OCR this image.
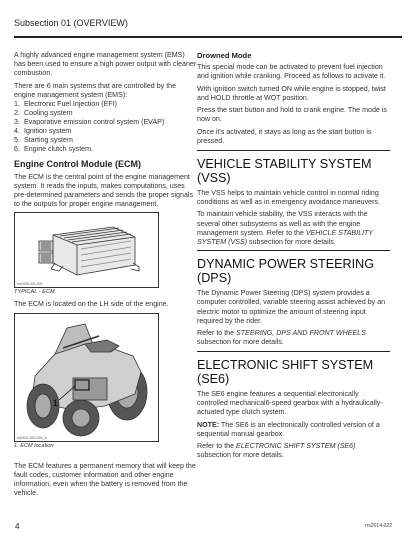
Subsection 01 (OVERVIEW)

A highly advanced engine management system (EMS) has been used to ensure a high power output with cleaner combustion.

There are 6 main systems that are controlled by the engine management system (EMS):

1. Electronic Fuel Injection (EFI)
2. Cooling system
3. Evaporative emission control system (EVAP)
4. Ignition system
5. Starting system
6. Engine clutch system.
Engine Control Module (ECM)

The ECM is the central point of the engine management system. It reads the inputs, makes computations, uses pre-determined parameters and sends the proper signals to the outputs for proper engine management.

rrs2009-021-001
TYPICAL - ECM

The ECM is located on the LH side of the engine.

1
rrs2011-002-001_a
1. ECM location

The ECM features a permanent memory that will keep the fault codes, customer information and other engine information, even when the battery is removed from the vehicle.

Drowned Mode

This special mode can be activated to prevent fuel injection and ignition while cranking. Proceed as follows to activate it.

With ignition switch turned ON while engine is stopped, twist and HOLD throttle at WOT position.

Press the start button and hold to crank engine. The mode is now on.

Once it's activated, it stays as long as the start button is pressed.

VEHICLE STABILITY SYSTEM (VSS)

The VSS helps to maintain vehicle control in normal riding conditions as well as in emergency avoidance maneuvers.

To maintain vehicle stability, the VSS interacts with the several other subsystems as well as with the engine management system. Refer to the VEHICLE STABILITY SYSTEM (VSS) subsection for more details.

DYNAMIC POWER STEERING (DPS)

The Dynamic Power Steering (DPS) system provides a computer controlled, variable steering assist achieved by an electric motor to optimize the amount of steering input required by the rider.

Refer to the STEERING, DPS AND FRONT WHEELS subsection for more details.

ELECTRONIC SHIFT SYSTEM (SE6)

The SE6 engine features a sequential electronically controlled mechanical6-speed gearbox with a hydraulically-actuated type clutch system.

NOTE: The SE6 is an electronically controlled version of a sequential manual gearbox.

Refer to the ELECTRONIC SHIFT SYSTEM (SE6) subsection for more details.

4	rrs2014-022
